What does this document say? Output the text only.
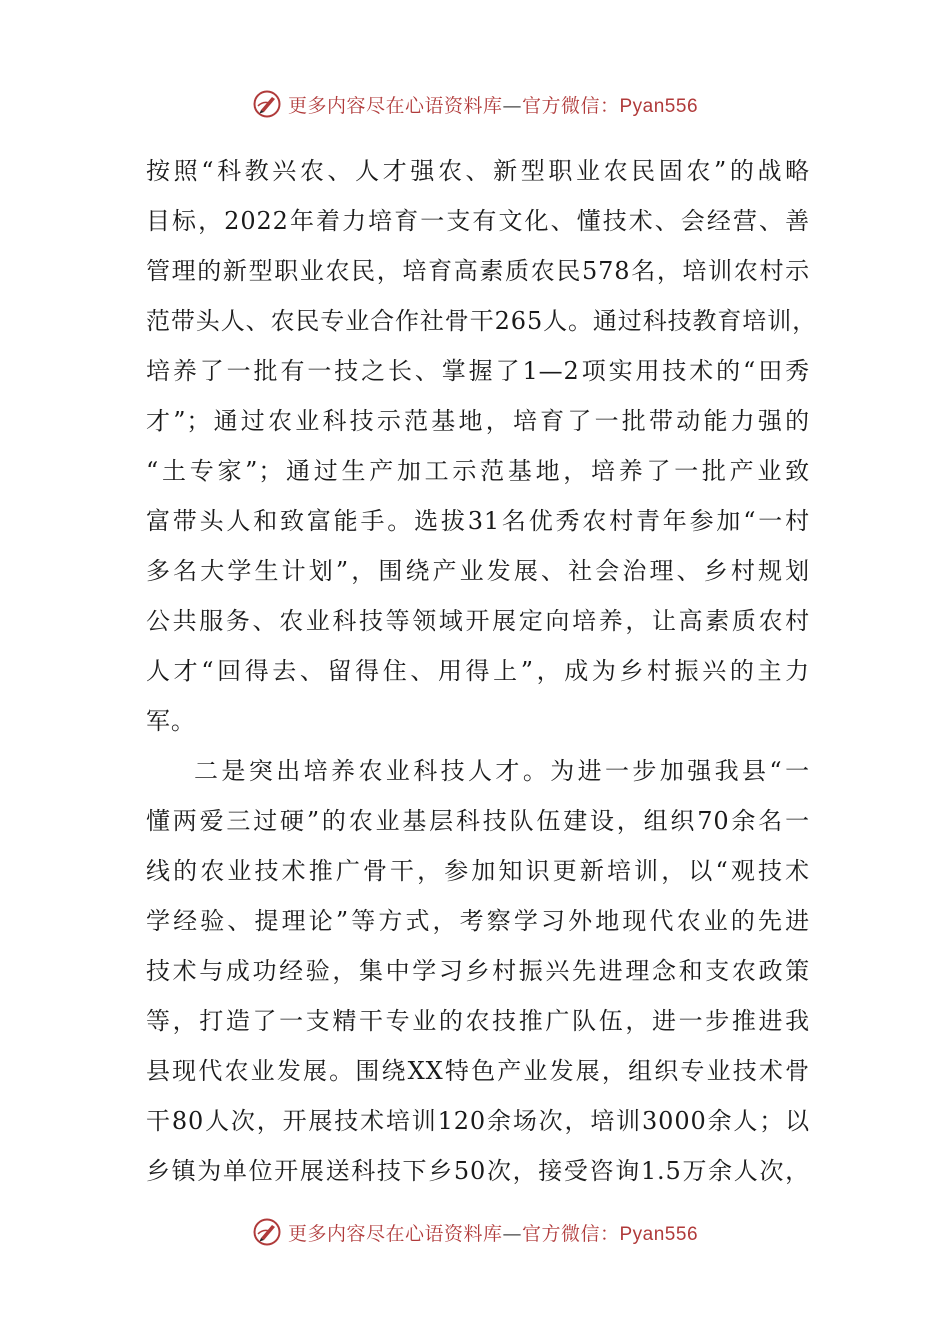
更多内容尽在心语资料库—官方微信：Pyan556
按照“科教兴农、人才强农、新型职业农民固农”的战略
目标，2022年着力培育一支有文化、懂技术、会经营、善
管理的新型职业农民，培育高素质农民578名，培训农村示
范带头人、农民专业合作社骨干265人。通过科技教育培训，
培养了一批有一技之长、掌握了1—2项实用技术的“田秀
才”；通过农业科技示范基地，培育了一批带动能力强的
“土专家”；通过生产加工示范基地，培养了一批产业致
富带头人和致富能手。选拔31名优秀农村青年参加“一村
多名大学生计划”，围绕产业发展、社会治理、乡村规划
公共服务、农业科技等领域开展定向培养，让高素质农村
人才“回得去、留得住、用得上”，成为乡村振兴的主力
军。
二是突出培养农业科技人才。为进一步加强我县“一
懂两爱三过硬”的农业基层科技队伍建设，组织70余名一
线的农业技术推广骨干，参加知识更新培训，以“观技术
学经验、提理论”等方式，考察学习外地现代农业的先进
技术与成功经验，集中学习乡村振兴先进理念和支农政策
等，打造了一支精干专业的农技推广队伍，进一步推进我
县现代农业发展。围绕XX特色产业发展，组织专业技术骨
干80人次，开展技术培训120余场次，培训3000余人；以
乡镇为单位开展送科技下乡50次，接受咨询1.5万余人次，
更多内容尽在心语资料库—官方微信：Pyan556
